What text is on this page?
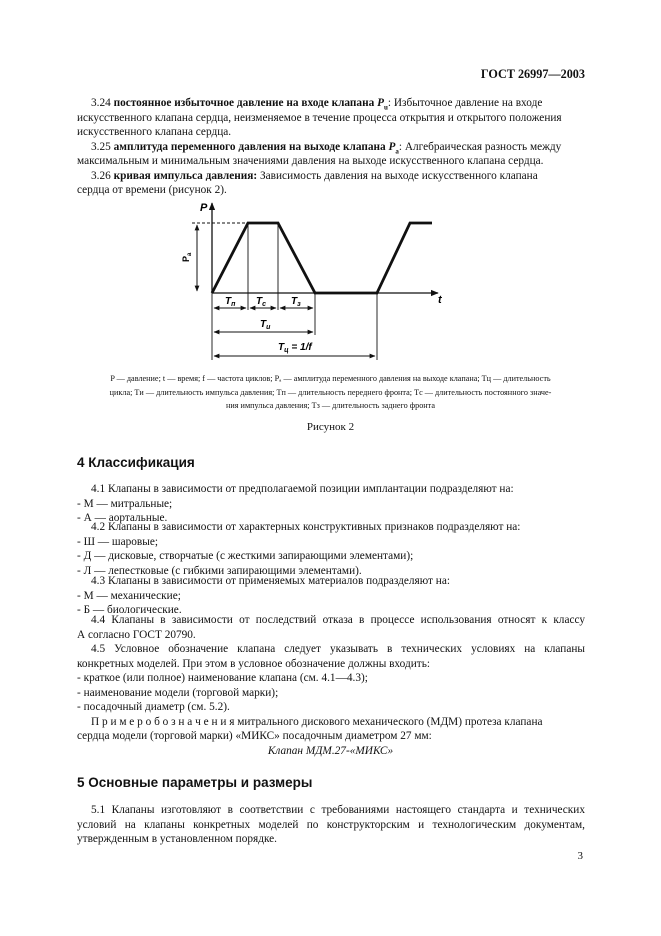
ГОСТ 26997—2003
3.24 постоянное избыточное давление на входе клапана $P_u$: Избыточное давление на входе
искусственного клапана сердца, неизменяемое в течение процесса открытия и открытого положения
искусственного клапана сердца.
3.25 амплитуда переменного давления на выходе клапана $P_a$: Алгебраическая разность между
максимальным и минимальным значениями давления на выходе искусственного клапана сердца.
3.26 кривая импульса давления: Зависимость давления на выходе искусственного клапана
сердца от времени (рисунок 2).
P
t
$P_a$
$T_п$ $T_с$ $T_з$
$T_и$
$T_ц = 1/f$
P — давление; t — время; f — частота циклов; Pₐ — амплитуда переменного давления на выходе клапана; Tц — длительность
цикла; Tи — длительность импульса давления; Tп — длительность переднего фронта; Tс — длительность постоянного значе-
ния импульса давления; Tз — длительность заднего фронта
Рисунок 2
4 Классификация
4.1 Клапаны в зависимости от предполагаемой позиции имплантации подразделяют на:
- М — митральные;
- А — аортальные.
4.2 Клапаны в зависимости от характерных конструктивных признаков подразделяют на:
- Ш — шаровые;
- Д — дисковые, створчатые (с жесткими запирающими элементами);
- Л — лепестковые (с гибкими запирающими элементами).
4.3 Клапаны в зависимости от применяемых материалов подразделяют на:
- М — механические;
- Б — биологические.
4.4 Клапаны в зависимости от последствий отказа в процессе использования относят к классу
А согласно ГОСТ 20790.
4.5 Условное обозначение клапана следует указывать в технических условиях на клапаны
конкретных моделей. При этом в условное обозначение должны входить:
- краткое (или полное) наименование клапана (см. 4.1—4.3);
- наименование модели (торговой марки);
- посадочный диаметр (см. 5.2).
П р и м е р о б о з н а ч е н и я митрального дискового механического (МДМ) протеза клапана
сердца модели (торговой марки) «МИКС» посадочным диаметром 27 мм:
Клапан МДМ.27-«МИКС»
5 Основные параметры и размеры
5.1 Клапаны изготовляют в соответствии с требованиями настоящего стандарта и технических
условий на клапаны конкретных моделей по конструкторским и технологическим документам,
утвержденным в установленном порядке.
3
